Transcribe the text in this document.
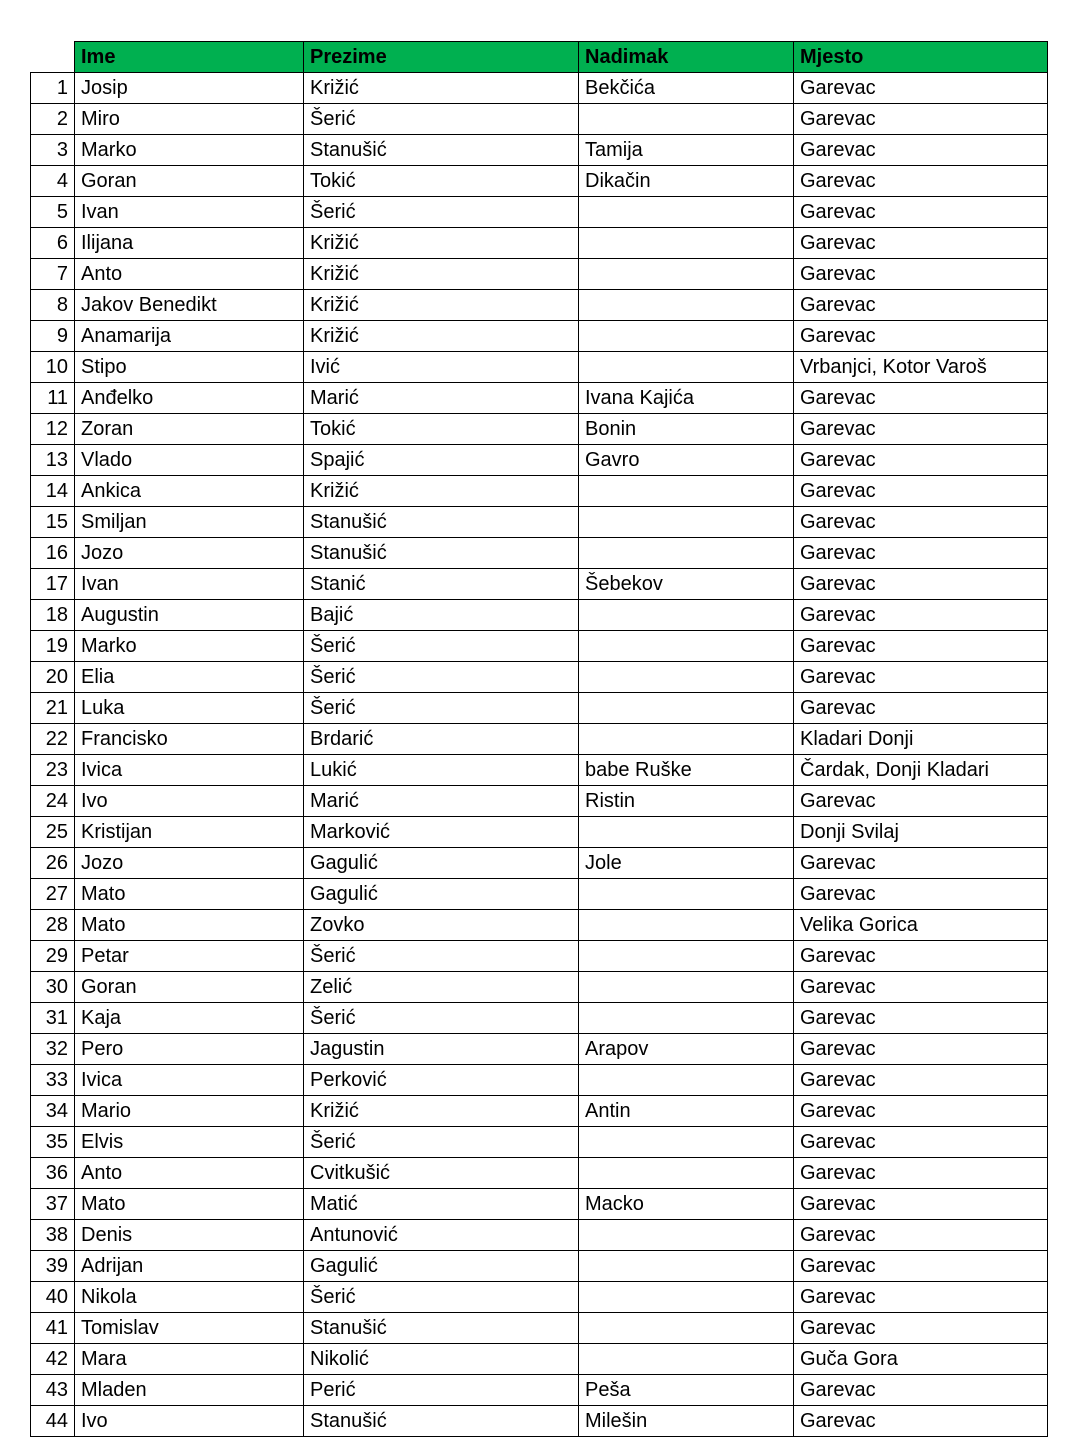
	Ime	Prezime	Nadimak	Mjesto
1	Josip	Križić	Bekčića	Garevac
2	Miro	Šerić		Garevac
3	Marko	Stanušić	Tamija	Garevac
4	Goran	Tokić	Dikačin	Garevac
5	Ivan	Šerić		Garevac
6	Ilijana	Križić		Garevac
7	Anto	Križić		Garevac
8	Jakov Benedikt	Križić		Garevac
9	Anamarija	Križić		Garevac
10	Stipo	Ivić		Vrbanjci, Kotor Varoš
11	Anđelko	Marić	Ivana Kajića	Garevac
12	Zoran	Tokić	Bonin	Garevac
13	Vlado	Spajić	Gavro	Garevac
14	Ankica	Križić		Garevac
15	Smiljan	Stanušić		Garevac
16	Jozo	Stanušić		Garevac
17	Ivan	Stanić	Šebekov	Garevac
18	Augustin	Bajić		Garevac
19	Marko	Šerić		Garevac
20	Elia	Šerić		Garevac
21	Luka	Šerić		Garevac
22	Francisko	Brdarić		Kladari Donji
23	Ivica	Lukić	babe Ruške	Čardak, Donji Kladari
24	Ivo	Marić	Ristin	Garevac
25	Kristijan	Marković		Donji Svilaj
26	Jozo	Gagulić	Jole	Garevac
27	Mato	Gagulić		Garevac
28	Mato	Zovko		Velika Gorica
29	Petar	Šerić		Garevac
30	Goran	Zelić		Garevac
31	Kaja	Šerić		Garevac
32	Pero	Jagustin	Arapov	Garevac
33	Ivica	Perković		Garevac
34	Mario	Križić	Antin	Garevac
35	Elvis	Šerić		Garevac
36	Anto	Cvitkušić		Garevac
37	Mato	Matić	Macko	Garevac
38	Denis	Antunović		Garevac
39	Adrijan	Gagulić		Garevac
40	Nikola	Šerić		Garevac
41	Tomislav	Stanušić		Garevac
42	Mara	Nikolić		Guča Gora
43	Mladen	Perić	Peša	Garevac
44	Ivo	Stanušić	Milešin	Garevac
